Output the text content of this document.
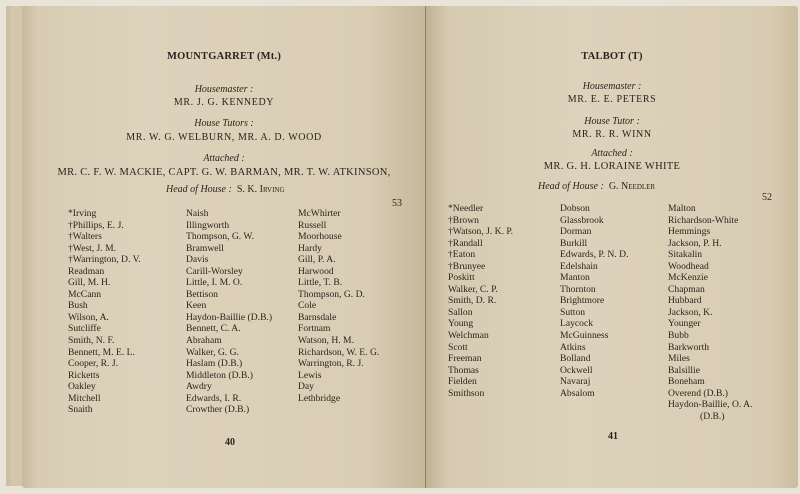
MOUNTGARRET (Mt.)
Housemaster :
MR. J. G. KENNEDY
House Tutors :
MR. W. G. WELBURN, MR. A. D. WOOD
Attached :
MR. C. F. W. MACKIE, CAPT. G. W. BARMAN, MR. T. W. ATKINSON,
Head of House : S. K. Irving
53
*Irving
†Phillips, E. J.
†Walters
†West, J. M.
†Warrington, D. V.
Readman
Gill, M. H.
McCann
Bush
Wilson, A.
Sutcliffe
Smith, N. F.
Bennett, M. E. L.
Cooper, R. J.
Ricketts
Oakley
Mitchell
Snaith
Naish
Illingworth
Thompson, G. W.
Bramwell
Davis
Carill-Worsley
Little, I. M. O.
Bettison
Keen
Haydon-Baillie (D.B.)
Bennett, C. A.
Abraham
Walker, G. G.
Haslam (D.B.)
Middleton (D.B.)
Awdry
Edwards, I. R.
Crowther (D.B.)
McWhirter
Russell
Moorhouse
Hardy
Gill, P. A.
Harwood
Little, T. B.
Thompson, G. D.
Cole
Barnsdale
Fortnam
Watson, H. M.
Richardson, W. E. G.
Warrington, R. J.
Lewis
Day
Lethbridge
40
TALBOT (T)
Housemaster :
MR. E. E. PETERS
House Tutor :
MR. R. R. WINN
Attached :
MR. G. H. LORAINE WHITE
Head of House : G. Needler
52
*Needler
†Brown
†Watson, J. K. P.
†Randall
†Eaton
†Brunyee
Poskitt
Walker, C. P.
Smith, D. R.
Sallon
Young
Welchman
Scott
Freeman
Thomas
Fielden
Smithson
Dobson
Glassbrook
Dorman
Burkill
Edwards, P. N. D.
Edelshain
Manton
Thornton
Brightmore
Sutton
Laycock
McGuinness
Atkins
Bolland
Ockwell
Navaraj
Absalom
Malton
Richardson-White
Hemmings
Jackson, P. H.
Sitakalin
Woodhead
McKenzie
Chapman
Hubbard
Jackson, K.
Younger
Bubb
Barkworth
Miles
Balsillie
Boneham
Overend (D.B.)
Haydon-Baillie, O. A.
(D.B.)
41
